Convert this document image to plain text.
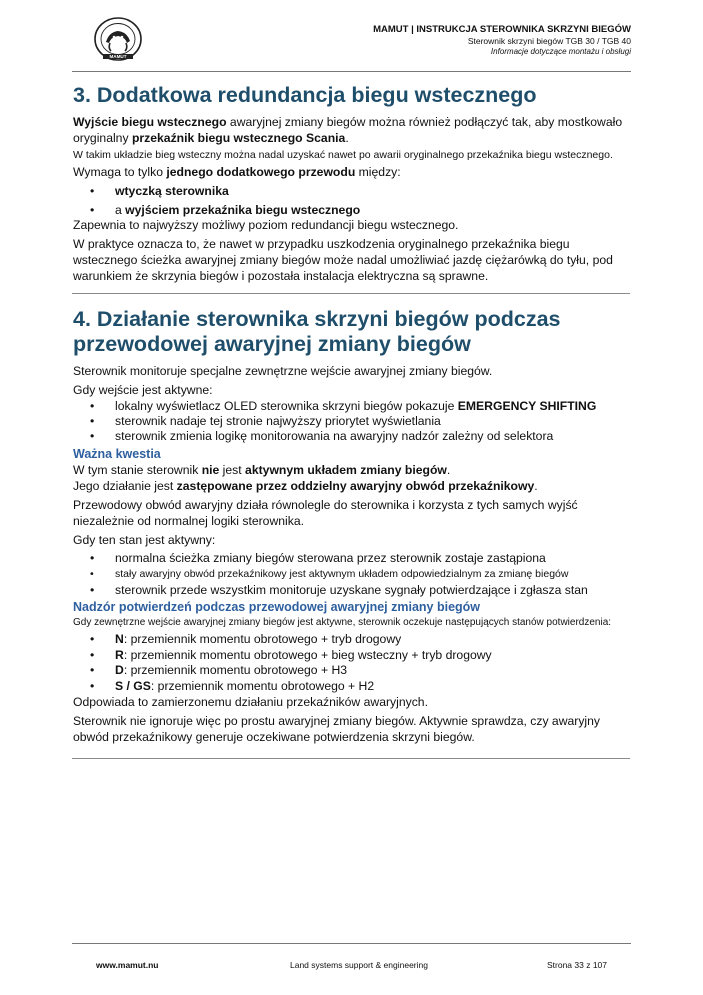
MAMUT
MAMUT | INSTRUKCJA STEROWNIKA SKRZYNI BIEGÓW
Sterownik skrzyni biegów TGB 30 / TGB 40
Informacje dotyczące montażu i obsługi
3. Dodatkowa redundancja biegu wstecznego

Wyjście biegu wstecznego awaryjnej zmiany biegów można również podłączyć tak, aby mostkowało oryginalny przekaźnik biegu wstecznego Scania.

W takim układzie bieg wsteczny można nadal uzyskać nawet po awarii oryginalnego przekaźnika biegu wstecznego.

Wymaga to tylko jednego dodatkowego przewodu między:

• wtyczką sterownika
• a wyjściem przekaźnika biegu wstecznego

Zapewnia to najwyższy możliwy poziom redundancji biegu wstecznego.

W praktyce oznacza to, że nawet w przypadku uszkodzenia oryginalnego przekaźnika biegu wstecznego ścieżka awaryjnej zmiany biegów może nadal umożliwiać jazdę ciężarówką do tyłu, pod warunkiem że skrzynia biegów i pozostała instalacja elektryczna są sprawne.

4. Działanie sterownika skrzyni biegów podczas
przewodowej awaryjnej zmiany biegów

Sterownik monitoruje specjalne zewnętrzne wejście awaryjnej zmiany biegów.

Gdy wejście jest aktywne:

• lokalny wyświetlacz OLED sterownika skrzyni biegów pokazuje EMERGENCY SHIFTING
• sterownik nadaje tej stronie najwyższy priorytet wyświetlania
• sterownik zmienia logikę monitorowania na awaryjny nadzór zależny od selektora
Ważna kwestia

W tym stanie sterownik nie jest aktywnym układem zmiany biegów.

Jego działanie jest zastępowane przez oddzielny awaryjny obwód przekaźnikowy.

Przewodowy obwód awaryjny działa równolegle do sterownika i korzysta z tych samych wyjść niezależnie od normalnej logiki sterownika.

Gdy ten stan jest aktywny:

• normalna ścieżka zmiany biegów sterowana przez sterownik zostaje zastąpiona
• stały awaryjny obwód przekaźnikowy jest aktywnym układem odpowiedzialnym za zmianę biegów
• sterownik przede wszystkim monitoruje uzyskane sygnały potwierdzające i zgłasza stan
Nadzór potwierdzeń podczas przewodowej awaryjnej zmiany biegów

Gdy zewnętrzne wejście awaryjnej zmiany biegów jest aktywne, sterownik oczekuje następujących stanów potwierdzenia:

• N: przemiennik momentu obrotowego + tryb drogowy
• R: przemiennik momentu obrotowego + bieg wsteczny + tryb drogowy
• D: przemiennik momentu obrotowego + H3
• S / GS: przemiennik momentu obrotowego + H2

Odpowiada to zamierzonemu działaniu przekaźników awaryjnych.

Sterownik nie ignoruje więc po prostu awaryjnej zmiany biegów. Aktywnie sprawdza, czy awaryjny obwód przekaźnikowy generuje oczekiwane potwierdzenia skrzyni biegów.

www.mamut.nu	Land systems support & engineering	Strona 33 z 107
